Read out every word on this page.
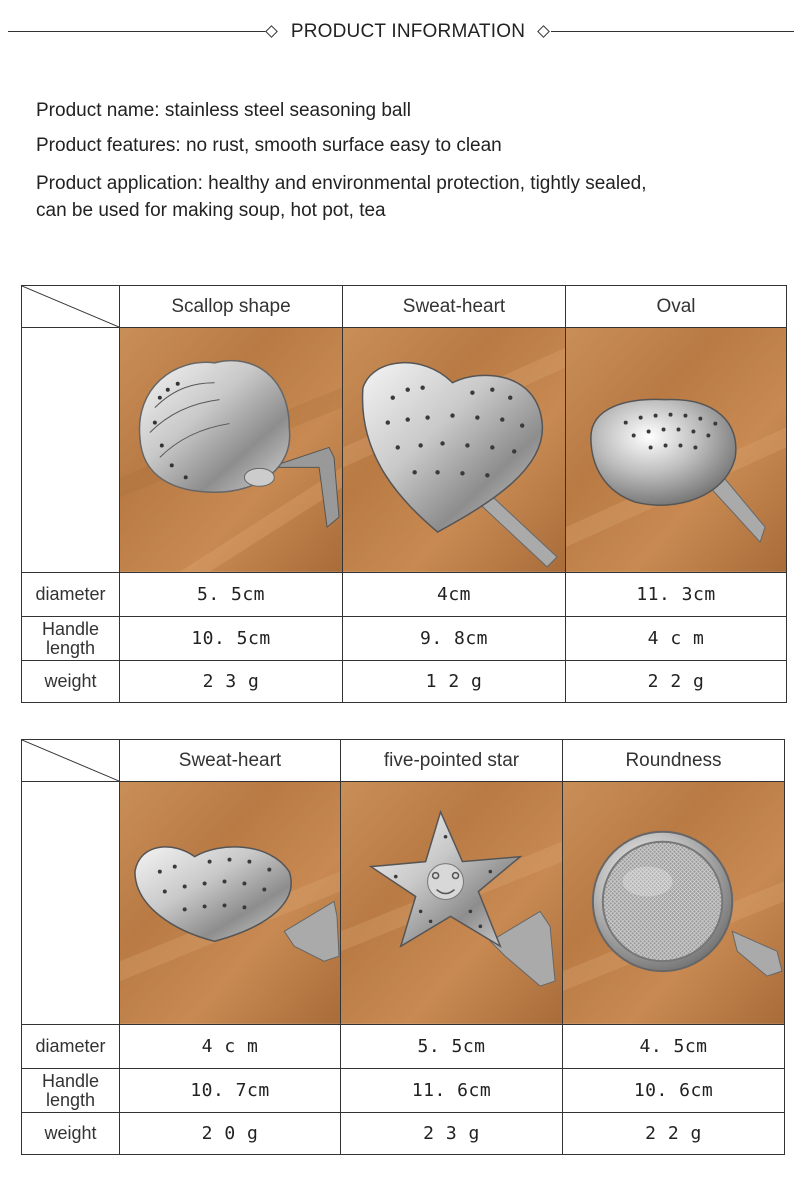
PRODUCT INFORMATION
Product name: stainless steel seasoning ball
Product features: no rust, smooth surface easy to clean
Product application: healthy and environmental protection, tightly sealed, can be used for making soup, hot pot, tea
	Scallop shape	Sweat-heart	Oval

diameter	5. 5cm	4cm	11. 3cm
Handle length	10. 5cm	9. 8cm	4 c m
weight	2 3 g	1 2 g	2 2 g
	Sweat-heart	five-pointed star	Roundness

diameter	4 c m	5. 5cm	4. 5cm
Handle length	10. 7cm	11. 6cm	10. 6cm
weight	2 0 g	2 3 g	2 2 g
